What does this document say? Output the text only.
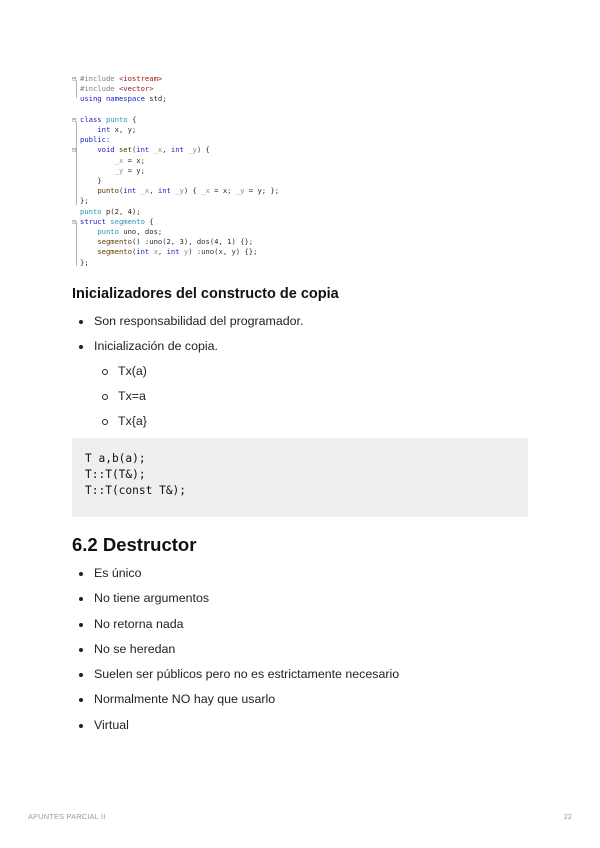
⊟ #include <iostream>
#include <vector>
using namespace std;
⊟ class punto {
int x, y;
public:
⊟	void set(int _x, int _y) {
_x = x;
_y = y;
}
punto(int _x, int _y) { _x = x; _y = y; };
};
punto p(2, 4);
⊟ struct segmento {
punto uno, dos;
segmento() :uno(2, 3), dos(4, 1) {};
segmento(int x, int y) :uno(x, y) {};
};
Inicializadores del constructo de copia
Son responsabilidad del programador.
Inicialización de copia.
Tx(a)
Tx=a
Tx{a}
T a,b(a);
T::T(T&);
T::T(const T&);
6.2 Destructor
Es único
No tiene argumentos
No retorna nada
No se heredan
Suelen ser públicos pero no es estrictamente necesario
Normalmente NO hay que usarlo
Virtual
APUNTES PARCIAL II	22
